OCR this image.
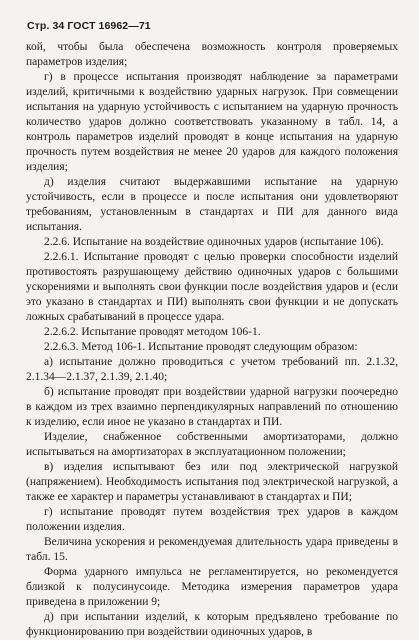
Стр. 34 ГОСТ 16962—71

кой, чтобы была обеспечена возможность контроля проверяемых параметров изделия;

г) в процессе испытания производят наблюдение за параметрами изделий, критичными к воздействию ударных нагрузок. При совмещении испытания на ударную устойчивость с испытанием на ударную прочность количество ударов должно соответствовать указанному в табл. 14, а контроль параметров изделий проводят в конце испытания на ударную прочность путем воздействия не менее 20 ударов для каждого положения изделия;

д) изделия считают выдержавшими испытание на ударную устойчивость, если в процессе и после испытания они удовлетворяют требованиям, установленным в стандартах и ПИ для данного вида испытания.

2.2.6. Испытание на воздействие одиночных ударов (испытание 106).

2.2.6.1. Испытание проводят с целью проверки способности изделий противостоять разрушающему действию одиночных ударов с большими ускорениями и выполнять свои функции после воздействия ударов и (если это указано в стандартах и ПИ) выполнять свои функции и не допускать ложных срабатываний в процессе удара.

2.2.6.2. Испытание проводят методом 106-1.

2.2.6.3. Метод 106-1. Испытание проводят следующим образом:

а) испытание должно проводиться с учетом требований пп. 2.1.32, 2.1.34—2.1.37, 2.1.39, 2.1.40;

б) испытание проводят при воздействии ударной нагрузки поочередно в каждом из трех взаимно перпендикулярных направлений по отношению к изделию, если иное не указано в стандартах и ПИ.

Изделие, снабженное собственными амортизаторами, должно испытываться на амортизаторах в эксплуатационном положении;

в) изделия испытывают без или под электрической нагрузкой (напряжением). Необходимость испытания под электрической нагрузкой, а также ее характер и параметры устанавливают в стандартах и ПИ;

г) испытание проводят путем воздействия трех ударов в каждом положении изделия.

Величина ускорения и рекомендуемая длительность удара приведены в табл. 15.

Форма ударного импульса не регламентируется, но рекомендуется близкой к полусинусоиде. Методика измерения параметров удара приведена в приложении 9;

д) при испытании изделий, к которым предъявлено требование по функционированию при воздействии одиночных ударов, в
